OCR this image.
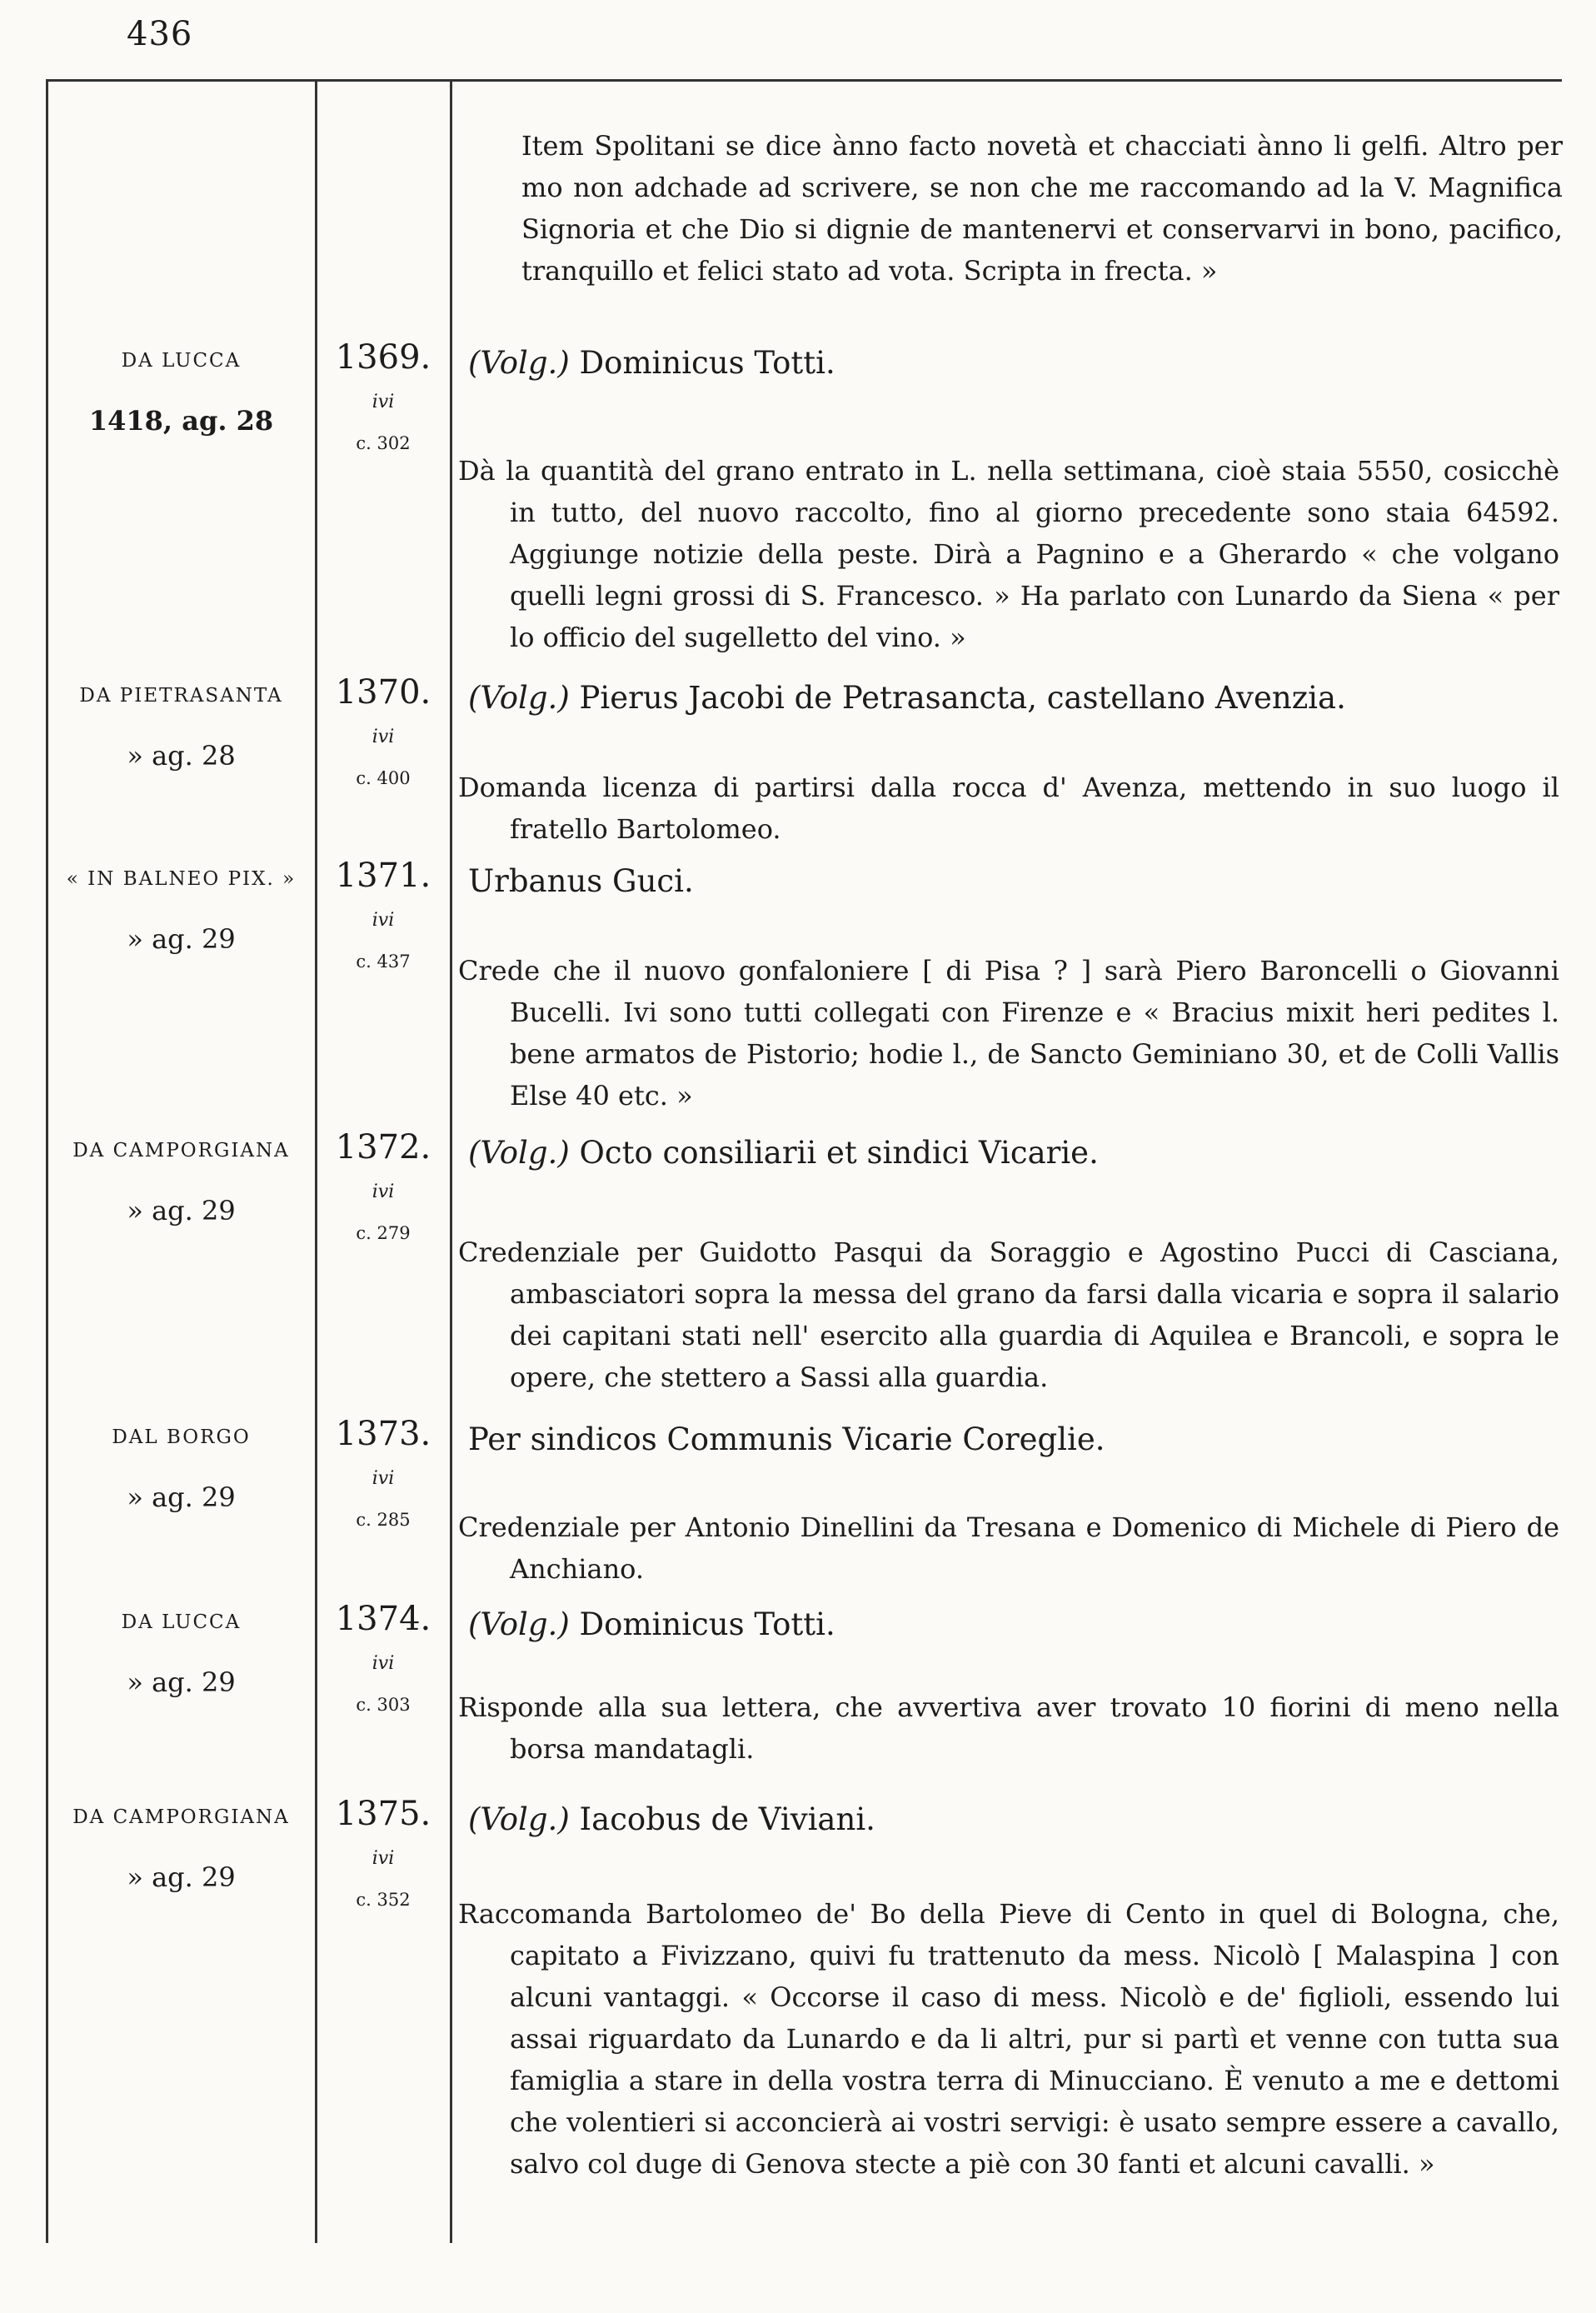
436
Item Spolitani se dice ànno facto novetà et chacciati ànno li gelfi. Altro per mo non adchade ad scrivere, se non che me raccomando ad la V. Magnifica Signoria et che Dio si dignie de mantenervi et conservarvi in bono, pacifico, tranquillo et felici stato ad vota. Scripta in frecta. »
DA LUCCA
1418, ag. 28
1369.
ivi
c. 302
(Volg.) Dominicus Totti.

Dà la quantità del grano entrato in L. nella settimana, cioè staia 5550, cosicchè in tutto, del nuovo raccolto, fino al giorno precedente sono staia 64592. Aggiunge notizie della peste. Dirà a Pagnino e a Gherardo « che volgano quelli legni grossi di S. Francesco. » Ha parlato con Lunardo da Siena « per lo officio del sugelletto del vino. »

DA PIETRASANTA
» ag. 28
1370.
ivi
c. 400
(Volg.) Pierus Jacobi de Petrasancta, castellano Avenzia.

Domanda licenza di partirsi dalla rocca d' Avenza, mettendo in suo luogo il fratello Bartolomeo.

« IN BALNEO PIX. »
» ag. 29
1371.
ivi
c. 437
Urbanus Guci.

Crede che il nuovo gonfaloniere [ di Pisa ? ] sarà Piero Baroncelli o Giovanni Bucelli. Ivi sono tutti collegati con Firenze e « Bracius mixit heri pedites l. bene armatos de Pistorio; hodie l., de Sancto Geminiano 30, et de Colli Vallis Else 40 etc. »

DA CAMPORGIANA
» ag. 29
1372.
ivi
c. 279
(Volg.) Octo consiliarii et sindici Vicarie.

Credenziale per Guidotto Pasqui da Soraggio e Agostino Pucci di Casciana, ambasciatori sopra la messa del grano da farsi dalla vicaria e sopra il salario dei capitani stati nell' esercito alla guardia di Aquilea e Brancoli, e sopra le opere, che stettero a Sassi alla guardia.

DAL BORGO
» ag. 29
1373.
ivi
c. 285
Per sindicos Communis Vicarie Coreglie.

Credenziale per Antonio Dinellini da Tresana e Domenico di Michele di Piero de Anchiano.

DA LUCCA
» ag. 29
1374.
ivi
c. 303
(Volg.) Dominicus Totti.

Risponde alla sua lettera, che avvertiva aver trovato 10 fiorini di meno nella borsa mandatagli.

DA CAMPORGIANA
» ag. 29
1375.
ivi
c. 352
(Volg.) Iacobus de Viviani.

Raccomanda Bartolomeo de' Bo della Pieve di Cento in quel di Bologna, che, capitato a Fivizzano, quivi fu trattenuto da mess. Nicolò [ Malaspina ] con alcuni vantaggi. « Occorse il caso di mess. Nicolò e de' figlioli, essendo lui assai riguardato da Lunardo e da li altri, pur si partì et venne con tutta sua famiglia a stare in della vostra terra di Minucciano. È venuto a me e dettomi che volentieri si acconcierà ai vostri servigi: è usato sempre essere a cavallo, salvo col duge di Genova stecte a piè con 30 fanti et alcuni cavalli. »
